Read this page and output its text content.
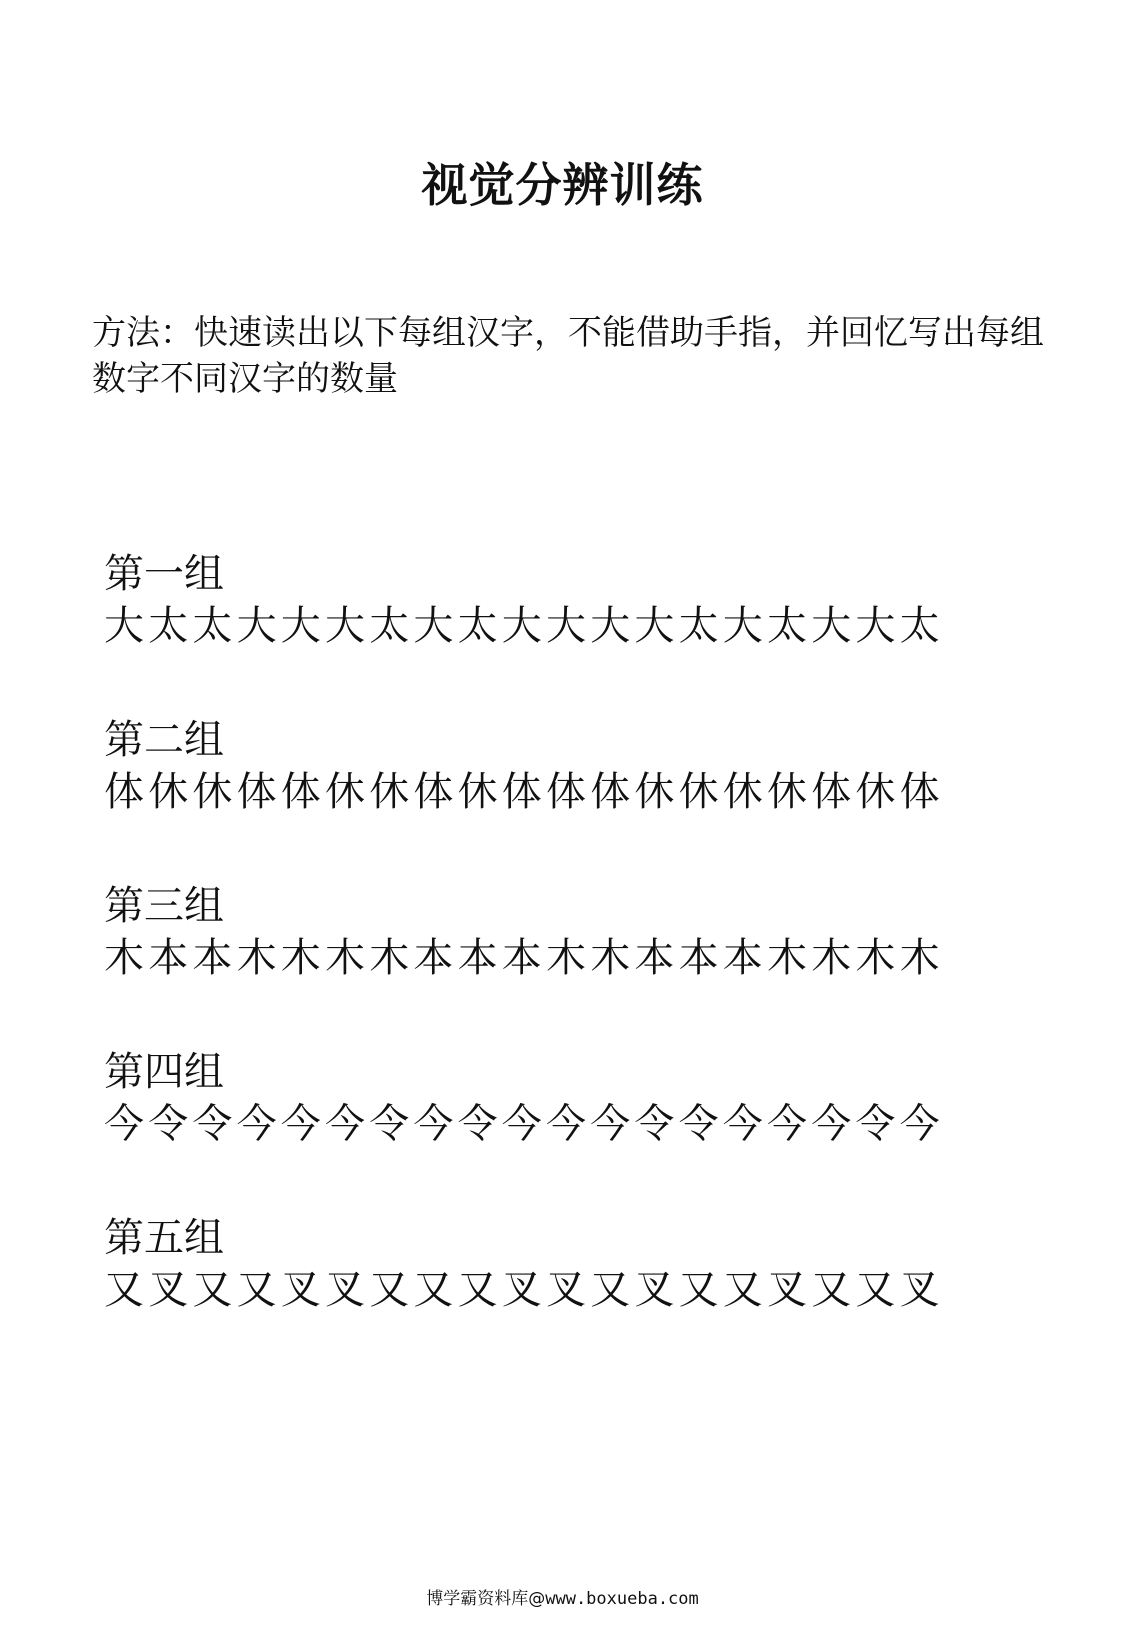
视觉分辨训练
方法：快速读出以下每组汉字，不能借助手指，并回忆写出每组数字不同汉字的数量
第一组
大太太大大大太大太大大大大太大太大大太
第二组
体休休体体休休体休体体体休休休休体休体
第三组
木本本木木木木本本本木木本本本木木木木
第四组
今令令今今今令今令今今今令令今今今令今
第五组
又叉又又叉叉又又又叉叉又叉又又叉又又叉
博学霸资料库@www.boxueba.com
